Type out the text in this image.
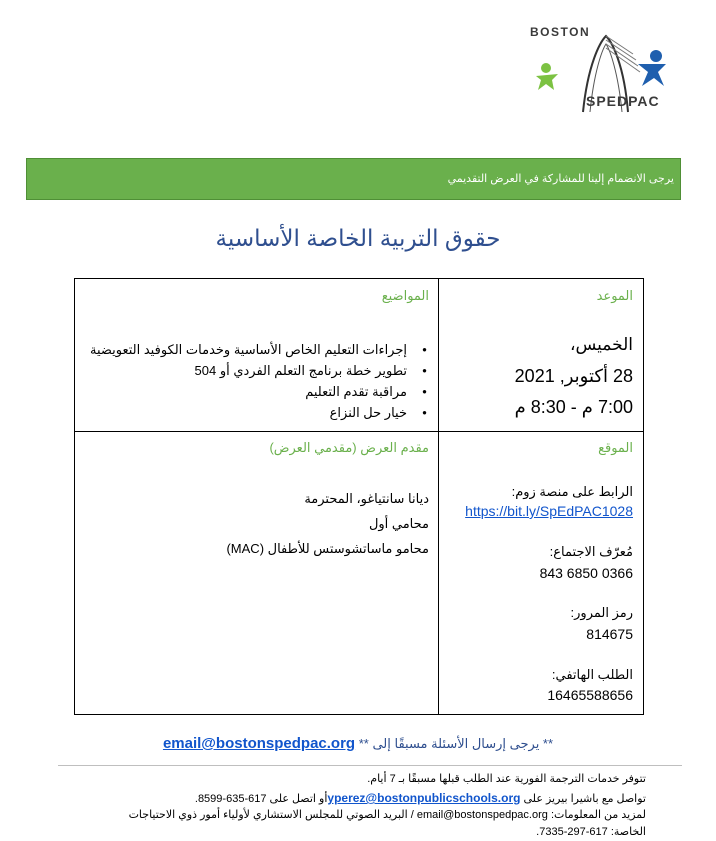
BOSTON
SPEDPAC
يرجى الانضمام إلينا للمشاركة في العرض التقديمي
حقوق التربية الخاصة الأساسية
المواضيع
● إجراءات التعليم الخاص الأساسية وخدمات الكوفيد التعويضية
● تطوير خطة برنامج التعلم الفردي أو 504
● مراقبة تقدم التعليم
● خيار حل النزاع
الموعد
الخميس،
28 أكتوبر, 2021
7:00 م - 8:30 م
مقدم العرض (مقدمي العرض)
ديانا سانتياغو، المحترمة
محامي أول
محامو ماساتشوستس للأطفال (MAC)
الموقع
الرابط على منصة زوم:
https://bit.ly/SpEdPAC1028
مُعرّف الاجتماع:
843 6850 0366
رمز المرور:
814675
الطلب الهاتفي:
16465588656
** يرجى إرسال الأسئلة مسبقًا إلى ** email@bostonspedpac.org
تتوفر خدمات الترجمة الفورية عند الطلب قبلها مسبقًا بـ 7 أيام.
تواصل مع باشيرا بيريز على yperez@bostonpublicschools.orgأو اتصل على 617-635-8599.
لمزيد من المعلومات: email@bostonspedpac.org / البريد الصوتي للمجلس الاستشاري لأولياء أمور ذوي الاحتياجات
الخاصة: 617-297-7335.
